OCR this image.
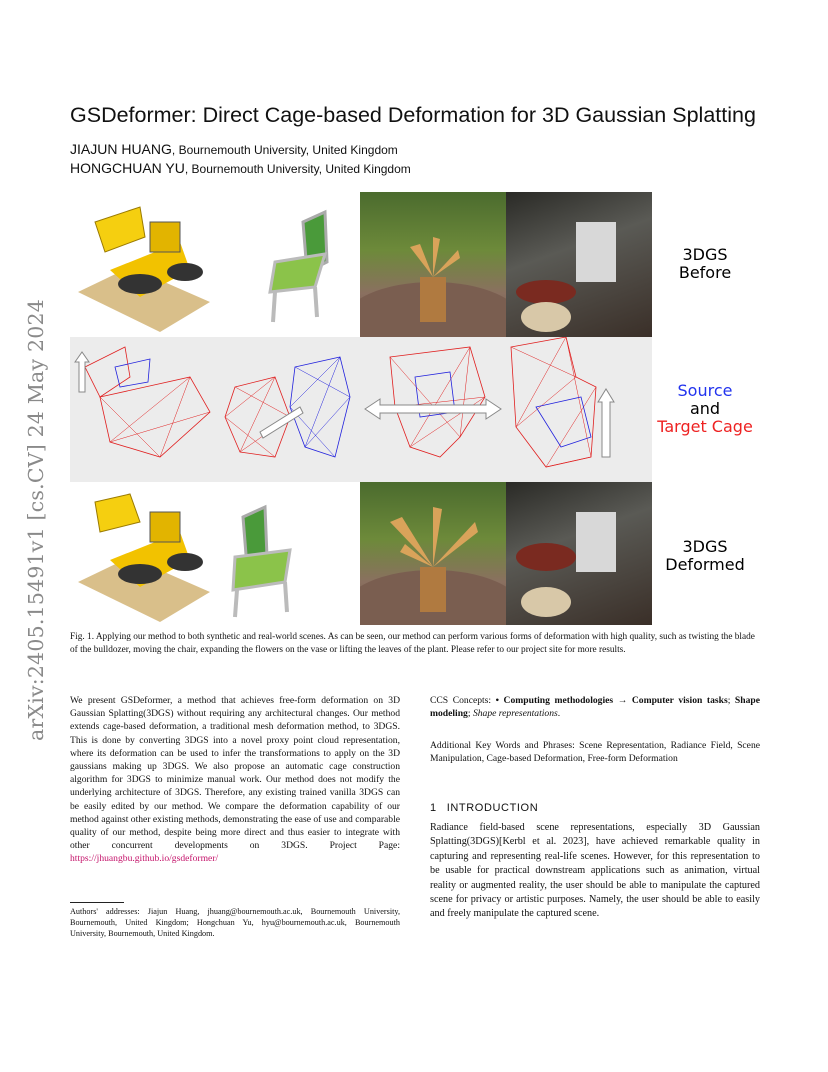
arXiv:2405.15491v1 [cs.CV] 24 May 2024
GSDeformer: Direct Cage-based Deformation for 3D Gaussian Splatting
JIAJUN HUANG, Bournemouth University, United Kingdom
HONGCHUAN YU, Bournemouth University, United Kingdom
3DGS
Before
Source
and
Target Cage
3DGS
Deformed

Fig. 1. Applying our method to both synthetic and real-world scenes. As can be seen, our method can perform various forms of deformation with high quality, such as twisting the blade of the bulldozer, moving the chair, expanding the flowers on the vase or lifting the leaves of the plant. Please refer to our project site for more results.

We present GSDeformer, a method that achieves free-form deformation on 3D Gaussian Splatting(3DGS) without requiring any architectural changes. Our method extends cage-based deformation, a traditional mesh deformation method, to 3DGS. This is done by converting 3DGS into a novel proxy point cloud representation, where its deformation can be used to infer the transformations to apply on the 3D gaussians making up 3DGS. We also propose an automatic cage construction algorithm for 3DGS to minimize manual work. Our method does not modify the underlying architecture of 3DGS. Therefore, any existing trained vanilla 3DGS can be easily edited by our method. We compare the deformation capability of our method against other existing methods, demonstrating the ease of use and comparable quality of our method, despite being more direct and thus easier to integrate with other concurrent developments on 3DGS. Project Page: https://jhuangbu.github.io/gsdeformer/

Authors' addresses: Jiajun Huang, jhuang@bournemouth.ac.uk, Bournemouth University, Bournemouth, United Kingdom; Hongchuan Yu, hyu@bournemouth.ac.uk, Bournemouth University, Bournemouth, United Kingdom.

CCS Concepts: • Computing methodologies → Computer vision tasks; Shape modeling; Shape representations.

Additional Key Words and Phrases: Scene Representation, Radiance Field, Scene Manipulation, Cage-based Deformation, Free-form Deformation

1 INTRODUCTION

Radiance field-based scene representations, especially 3D Gaussian Splatting(3DGS)[Kerbl et al. 2023], have achieved remarkable quality in capturing and representing real-life scenes. However, for this representation to be usable for practical downstream applications such as animation, virtual reality or augmented reality, the user should be able to manipulate the captured scene for privacy or artistic purposes. Namely, the user should be able to easily and freely manipulate the captured scene.
